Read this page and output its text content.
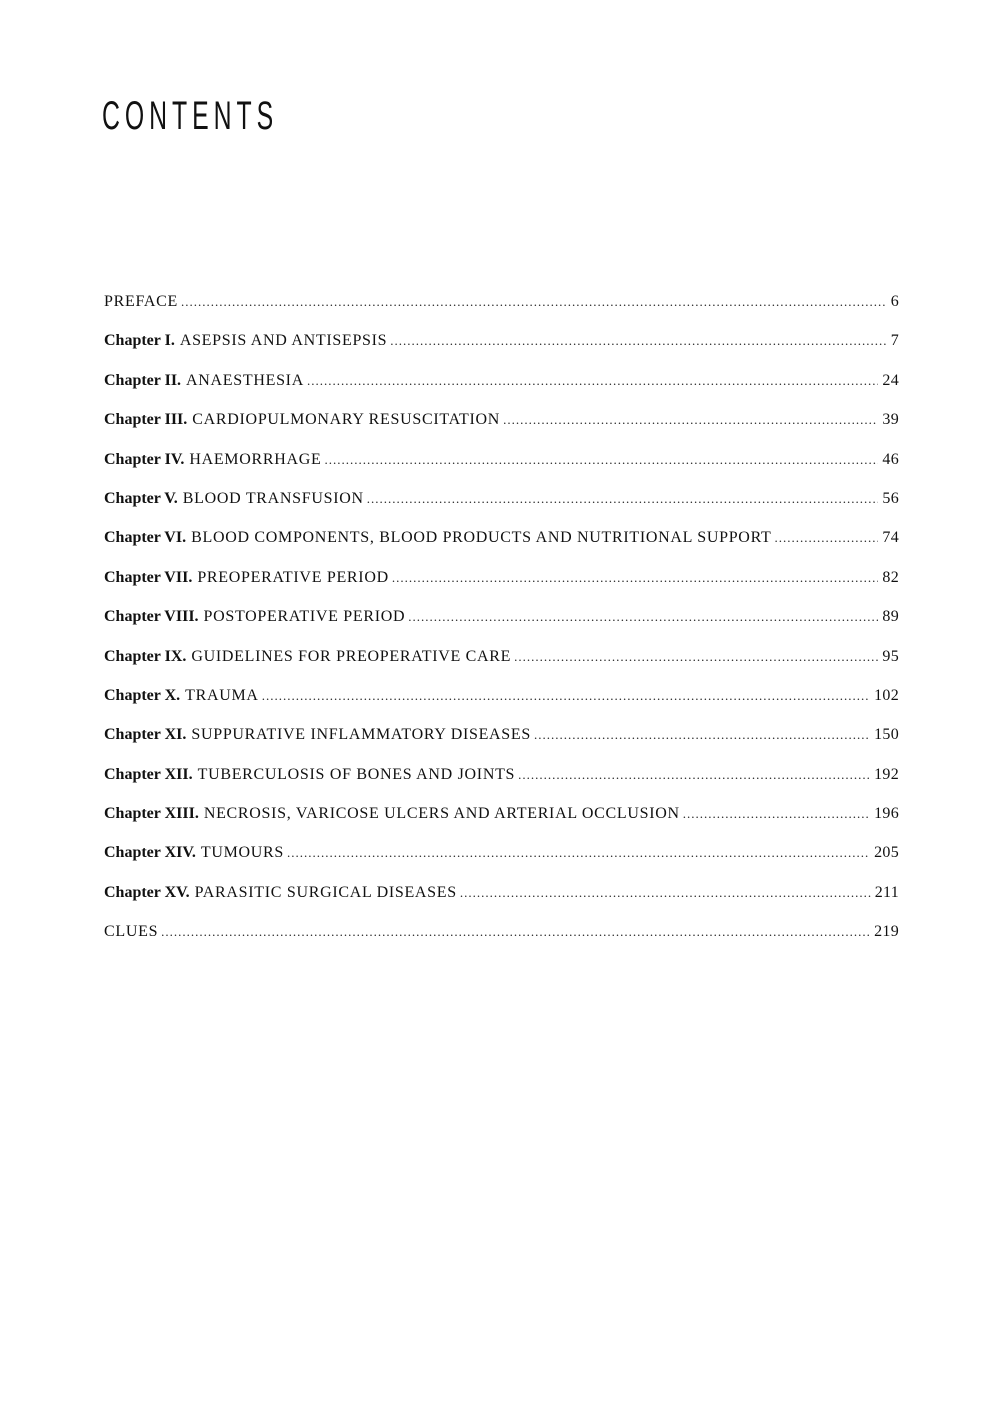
CONTENTS
PREFACE .....	6
Chapter I. ASEPSIS AND ANTISEPSIS .....	7
Chapter II. ANAESTHESIA .....	24
Chapter III. CARDIOPULMONARY RESUSCITATION .....	39
Chapter IV. HAEMORRHAGE .....	46
Chapter V. BLOOD TRANSFUSION .....	56
Chapter VI. BLOOD COMPONENTS, BLOOD PRODUCTS AND NUTRITIONAL SUPPORT .....	74
Chapter VII. PREOPERATIVE PERIOD .....	82
Chapter VIII. POSTOPERATIVE PERIOD .....	89
Chapter IX. GUIDELINES FOR PREOPERATIVE CARE .....	95
Chapter X. TRAUMA .....	102
Chapter XI. SUPPURATIVE INFLAMMATORY DISEASES .....	150
Chapter XII. TUBERCULOSIS OF BONES AND JOINTS .....	192
Chapter XIII. NECROSIS, VARICOSE ULCERS AND ARTERIAL OCCLUSION .....	196
Chapter XIV. TUMOURS .....	205
Chapter XV. PARASITIC SURGICAL DISEASES .....	211
CLUES .....	219
